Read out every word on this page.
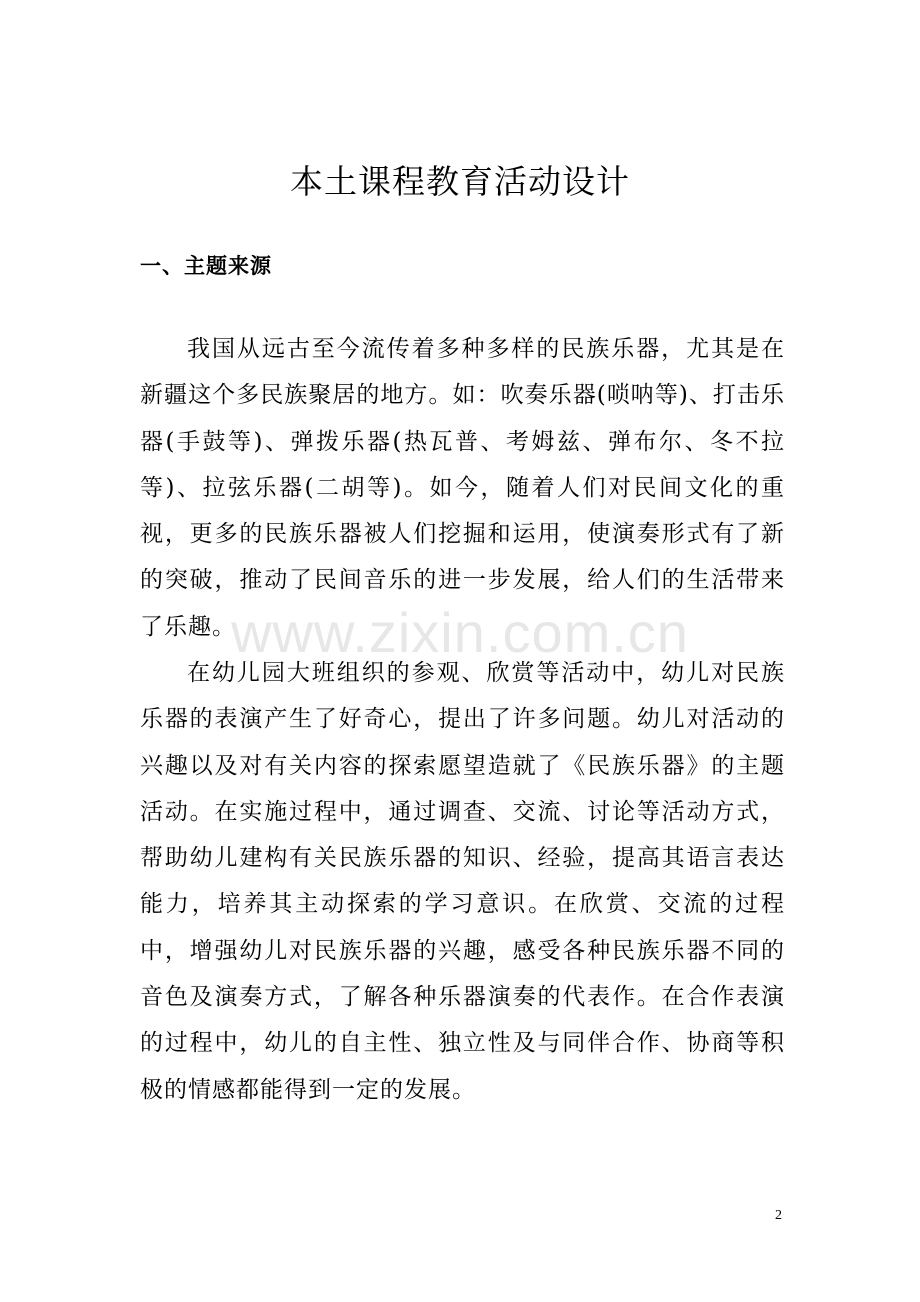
本土课程教育活动设计
一、主题来源

我国从远古至今流传着多种多样的民族乐器，尤其是在新疆这个多民族聚居的地方。如：吹奏乐器(唢呐等)、打击乐器(手鼓等)、弹拨乐器(热瓦普、考姆兹、弹布尔、冬不拉等)、拉弦乐器(二胡等)。如今，随着人们对民间文化的重视，更多的民族乐器被人们挖掘和运用，使演奏形式有了新的突破，推动了民间音乐的进一步发展，给人们的生活带来了乐趣。

在幼儿园大班组织的参观、欣赏等活动中，幼儿对民族乐器的表演产生了好奇心，提出了许多问题。幼儿对活动的兴趣以及对有关内容的探索愿望造就了《民族乐器》的主题活动。在实施过程中，通过调查、交流、讨论等活动方式，帮助幼儿建构有关民族乐器的知识、经验，提高其语言表达能力，培养其主动探索的学习意识。在欣赏、交流的过程中，增强幼儿对民族乐器的兴趣，感受各种民族乐器不同的音色及演奏方式，了解各种乐器演奏的代表作。在合作表演的过程中，幼儿的自主性、独立性及与同伴合作、协商等积极的情感都能得到一定的发展。

www.zixin.com.cn
2
